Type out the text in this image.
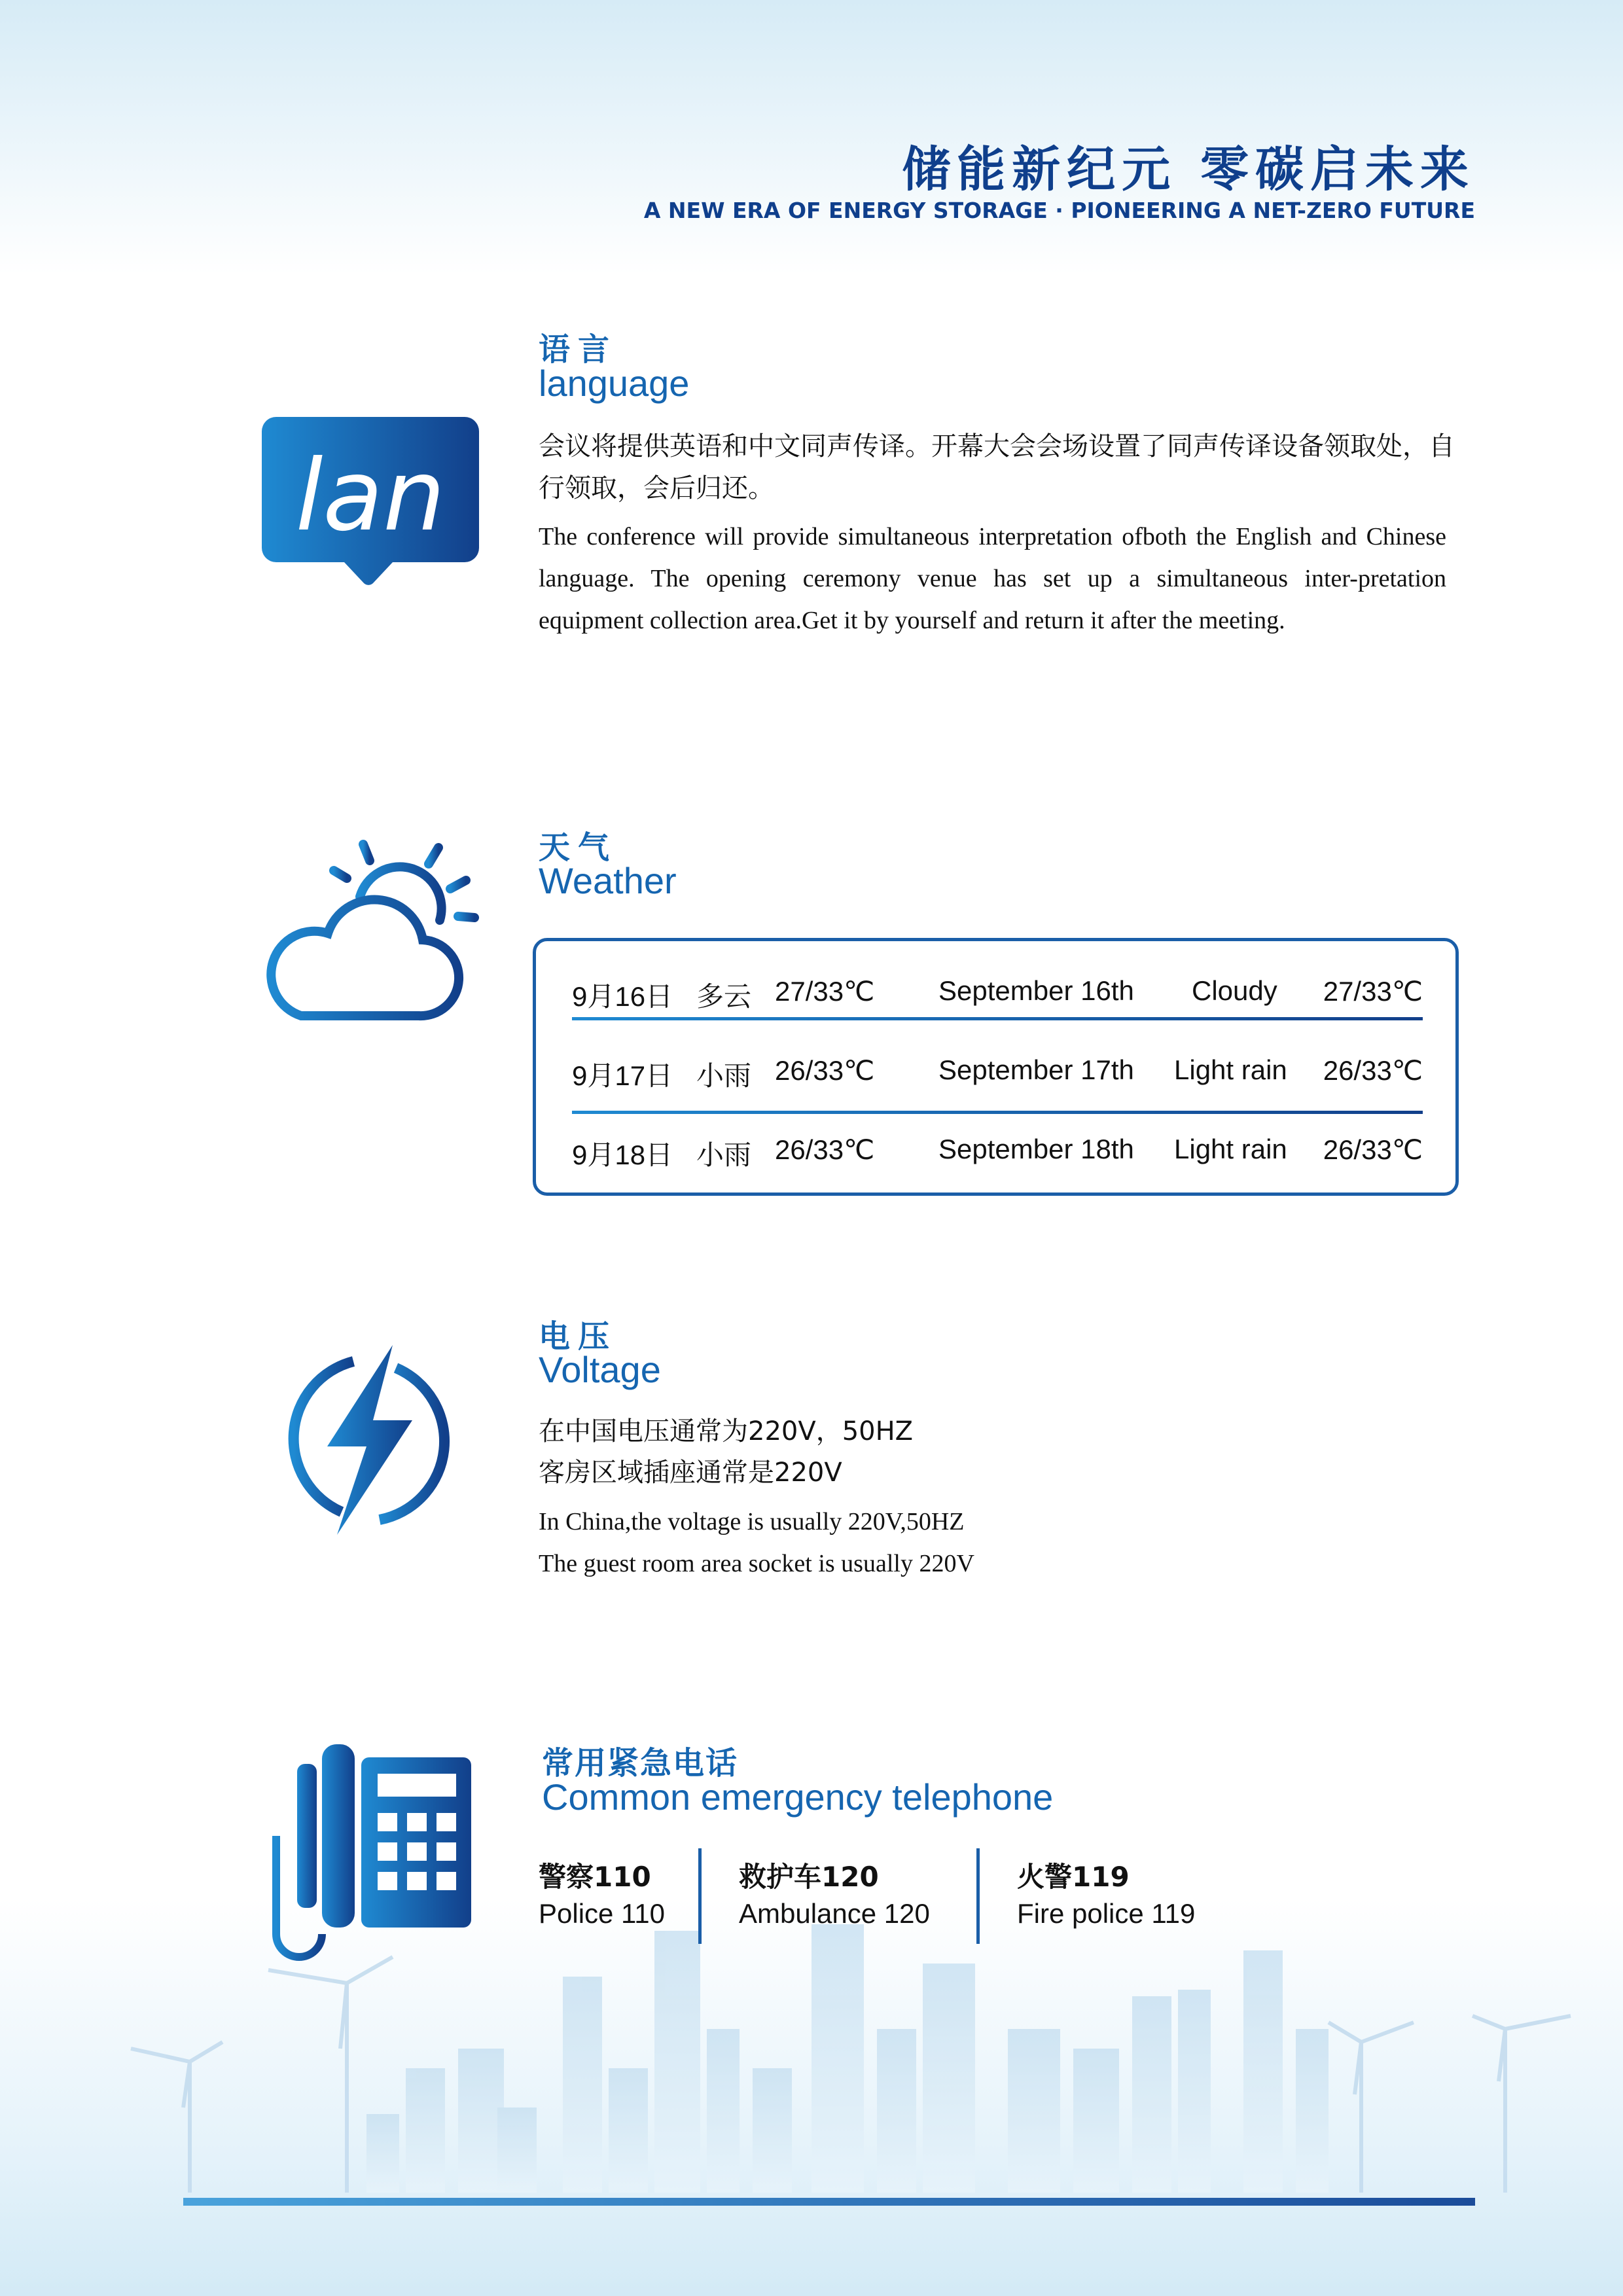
储能新纪元 零碳启未来
A NEW ERA OF ENERGY STORAGE · PIONEERING A NET-ZERO FUTURE
lan
语言
language
会议将提供英语和中文同声传译。开幕大会会场设置了同声传译设备领取处，自行领取，会后归还。
The conference will provide simultaneous interpretation ofboth the English and Chinese language. The opening ceremony venue has set up a simultaneous inter-pretation equipment collection area.Get it by yourself and return it after the meeting.
天气
Weather
9月16日 多云 27/33℃ September 16th Cloudy 27/33℃
9月17日 小雨 26/33℃ September 17th Light rain 26/33℃
9月18日 小雨 26/33℃ September 18th Light rain 26/33℃
电压
Voltage
在中国电压通常为220V，50HZ
客房区域插座通常是220V
In China,the voltage is usually 220V,50HZ
The guest room area socket is usually 220V
常用紧急电话
Common emergency telephone
警察110
Police 110
救护车120
Ambulance 120
火警119
Fire police 119
